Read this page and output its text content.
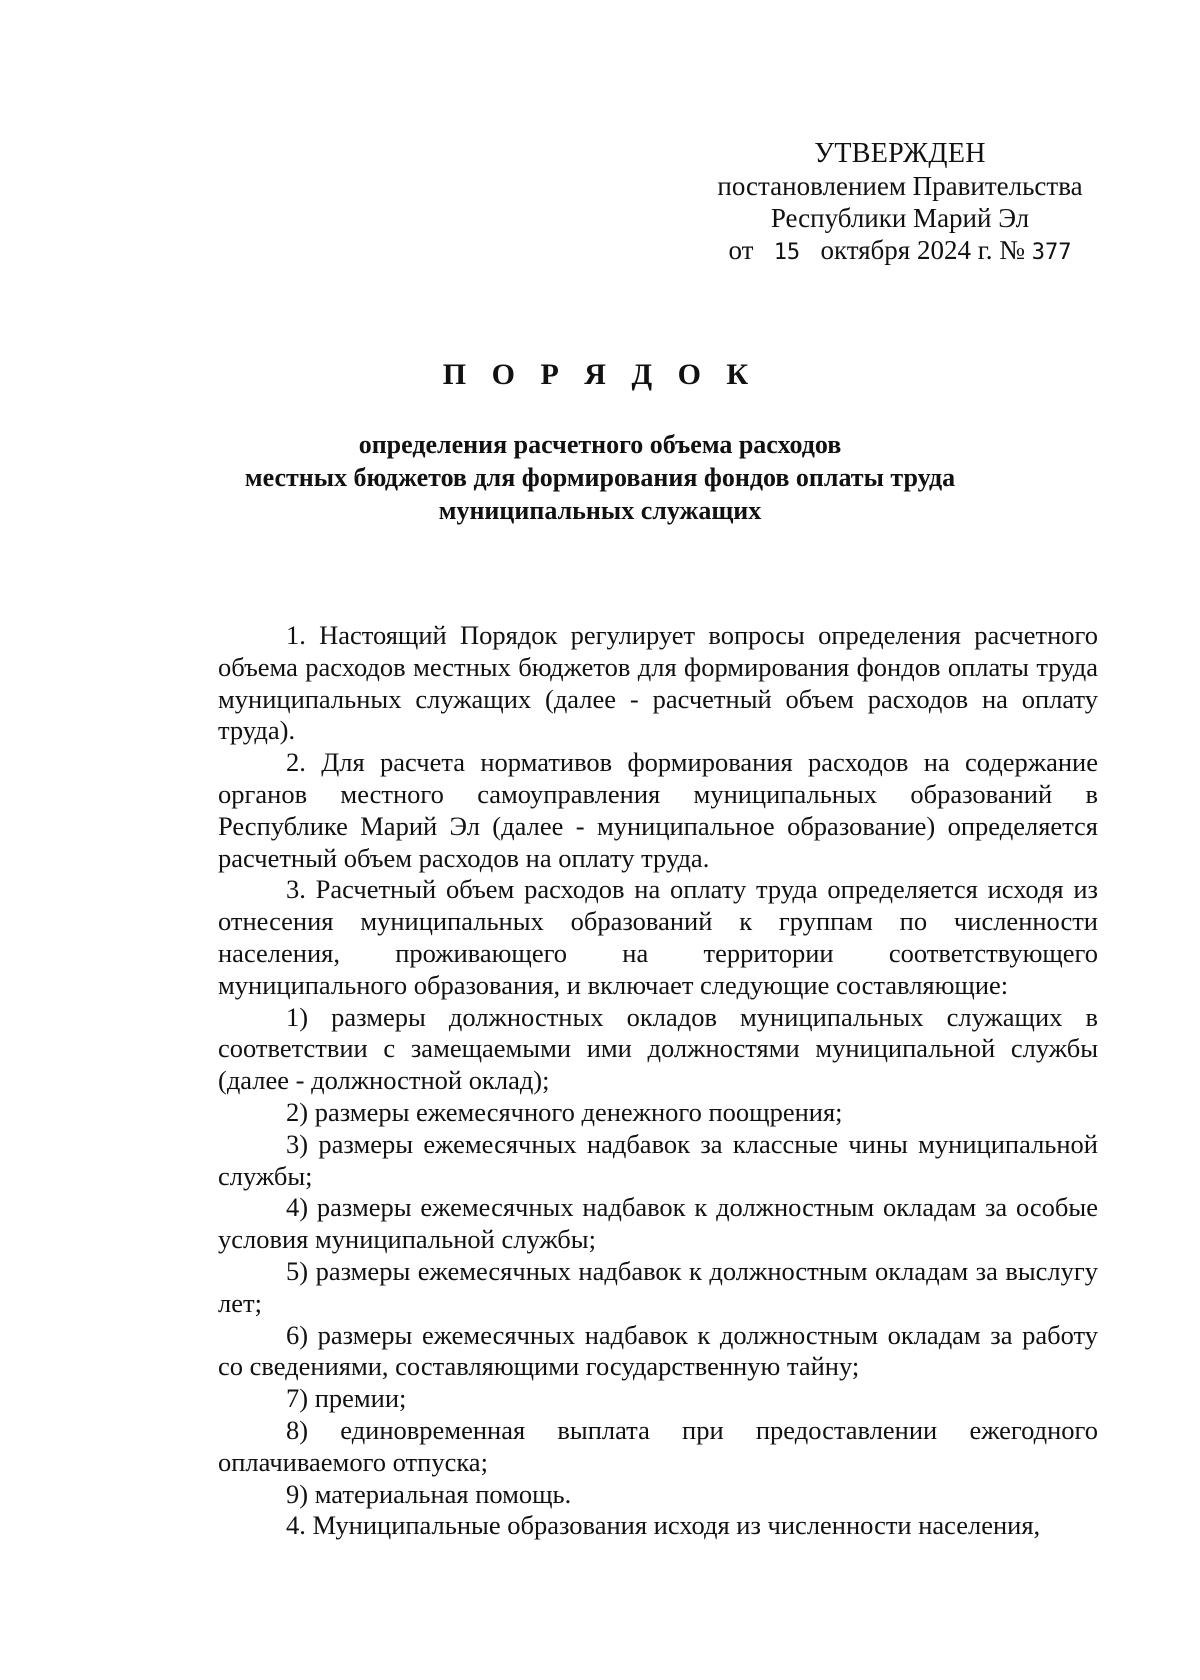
УТВЕРЖДЕН
постановлением Правительства
Республики Марий Эл
от 15 октября 2024 г. № 377
П О Р Я Д О К
определения расчетного объема расходов
местных бюджетов для формирования фондов оплаты труда
муниципальных служащих

1. Настоящий Порядок регулирует вопросы определения расчетного объема расходов местных бюджетов для формирования фондов оплаты труда муниципальных служащих (далее - расчетный объем расходов на оплату труда).

2. Для расчета нормативов формирования расходов на содержание органов местного самоуправления муниципальных образований в Республике Марий Эл (далее - муниципальное образование) определяется расчетный объем расходов на оплату труда.

3. Расчетный объем расходов на оплату труда определяется исходя из отнесения муниципальных образований к группам по численности населения, проживающего на территории соответствующего муниципального образования, и включает следующие составляющие:

1) размеры должностных окладов муниципальных служащих в соответствии с замещаемыми ими должностями муниципальной службы (далее - должностной оклад);

2) размеры ежемесячного денежного поощрения;

3) размеры ежемесячных надбавок за классные чины муниципальной службы;

4) размеры ежемесячных надбавок к должностным окладам за особые условия муниципальной службы;

5) размеры ежемесячных надбавок к должностным окладам за выслугу лет;

6) размеры ежемесячных надбавок к должностным окладам за работу со сведениями, составляющими государственную тайну;

7) премии;

8) единовременная выплата при предоставлении ежегодного оплачиваемого отпуска;

9) материальная помощь.

4. Муниципальные образования исходя из численности населения,
